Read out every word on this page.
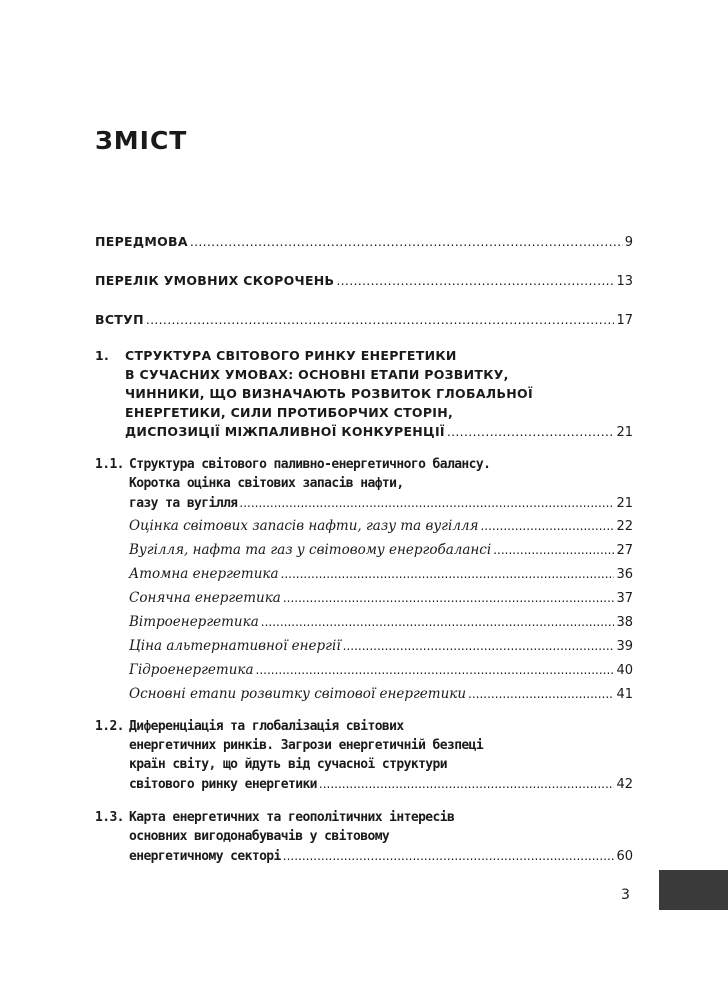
ЗМІСТ
ПЕРЕДМОВА .....	9
ПЕРЕЛІК УМОВНИХ СКОРОЧЕНЬ .....	13
ВСТУП .....	17
1. СТРУКТУРА СВІТОВОГО РИНКУ ЕНЕРГЕТИКИ
В СУЧАСНИХ УМОВАХ: ОСНОВНІ ЕТАПИ РОЗВИТКУ,
ЧИННИКИ, ЩО ВИЗНАЧАЮТЬ РОЗВИТОК ГЛОБАЛЬНОЇ
ЕНЕРГЕТИКИ, СИЛИ ПРОТИБОРЧИХ СТОРІН,
ДИСПОЗИЦІЇ МІЖПАЛИВНОЇ КОНКУРЕНЦІЇ .....	21
1.1. Структура світового паливно-енергетичного балансу.
Коротка оцінка світових запасів нафти,
газу та вугілля .....	21
Оцінка світових запасів нафти, газу та вугілля .....	22
Вугілля, нафта та газ у світовому енергобалансі .....	27
Атомна енергетика .....	36
Сонячна енергетика .....	37
Вітроенергетика .....	38
Ціна альтернативної енергії .....	39
Гідроенергетика .....	40
Основні етапи розвитку світової енергетики .....	41
1.2. Диференціація та глобалізація світових
енергетичних ринків. Загрози енергетичній безпеці
країн світу, що йдуть від сучасної структури
світового ринку енергетики .....	42
1.3. Карта енергетичних та геополітичних інтересів
основних вигодонабувачів у світовому
енергетичному секторі .....	60
3
